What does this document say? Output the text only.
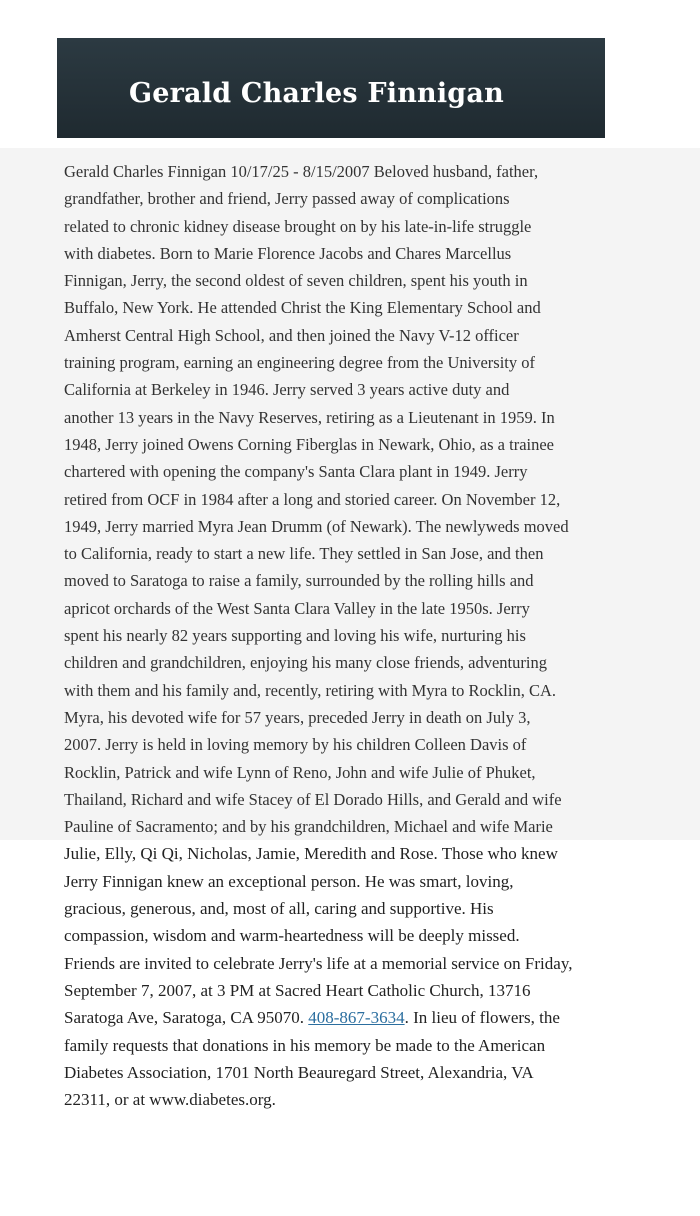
Gerald Charles Finnigan
Gerald Charles Finnigan 10/17/25 - 8/15/2007 Beloved husband, father,
grandfather, brother and friend, Jerry passed away of complications
related to chronic kidney disease brought on by his late-in-life struggle
with diabetes. Born to Marie Florence Jacobs and Chares Marcellus
Finnigan, Jerry, the second oldest of seven children, spent his youth in
Buffalo, New York. He attended Christ the King Elementary School and
Amherst Central High School, and then joined the Navy V-12 officer
training program, earning an engineering degree from the University of
California at Berkeley in 1946. Jerry served 3 years active duty and
another 13 years in the Navy Reserves, retiring as a Lieutenant in 1959. In
1948, Jerry joined Owens Corning Fiberglas in Newark, Ohio, as a trainee
chartered with opening the company's Santa Clara plant in 1949. Jerry
retired from OCF in 1984 after a long and storied career. On November 12,
1949, Jerry married Myra Jean Drumm (of Newark). The newlyweds moved
to California, ready to start a new life. They settled in San Jose, and then
moved to Saratoga to raise a family, surrounded by the rolling hills and
apricot orchards of the West Santa Clara Valley in the late 1950s. Jerry
spent his nearly 82 years supporting and loving his wife, nurturing his
children and grandchildren, enjoying his many close friends, adventuring
with them and his family and, recently, retiring with Myra to Rocklin, CA.
Myra, his devoted wife for 57 years, preceded Jerry in death on July 3,
2007. Jerry is held in loving memory by his children Colleen Davis of
Rocklin, Patrick and wife Lynn of Reno, John and wife Julie of Phuket,
Thailand, Richard and wife Stacey of El Dorado Hills, and Gerald and wife
Pauline of Sacramento; and by his grandchildren, Michael and wife Marie
Julie, Elly, Qi Qi, Nicholas, Jamie, Meredith and Rose. Those who knew
Jerry Finnigan knew an exceptional person. He was smart, loving,
gracious, generous, and, most of all, caring and supportive. His
compassion, wisdom and warm-heartedness will be deeply missed.
Friends are invited to celebrate Jerry's life at a memorial service on Friday,
September 7, 2007, at 3 PM at Sacred Heart Catholic Church, 13716
Saratoga Ave, Saratoga, CA 95070. 408-867-3634. In lieu of flowers, the
family requests that donations in his memory be made to the American
Diabetes Association, 1701 North Beauregard Street, Alexandria, VA
22311, or at www.diabetes.org.
